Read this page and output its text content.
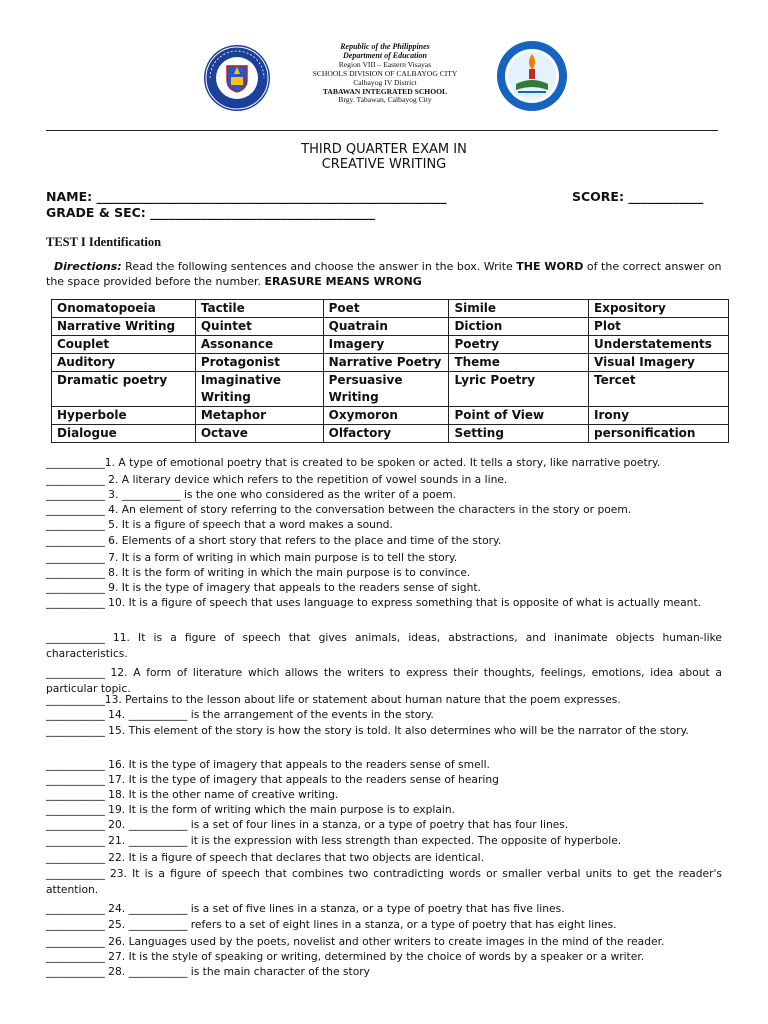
Republic of the Philippines
Department of Education
Region VIII – Eastern Visayas
SCHOOLS DIVISION OF CALBAYOG CITY
Calbayog IV District
TABAWAN INTEGRATED SCHOOL
Brgy. Tabawan, Calbayog City
THIRD QUARTER EXAM IN
CREATIVE WRITING
NAME: ________________________________________________________	SCORE: ____________
GRADE & SEC: ____________________________________
TEST I Identification
Directions: Read the following sentences and choose the answer in the box. Write THE WORD of the correct answer on the space provided before the number. ERASURE MEANS WRONG
Onomatopoeia	Tactile	Poet	Simile	Expository
Narrative Writing	Quintet	Quatrain	Diction	Plot
Couplet	Assonance	Imagery	Poetry	Understatements
Auditory	Protagonist	Narrative Poetry	Theme	Visual Imagery
Dramatic poetry	Imaginative Writing	Persuasive Writing	Lyric Poetry	Tercet
Hyperbole	Metaphor	Oxymoron	Point of View	Irony
Dialogue	Octave	Olfactory	Setting	personification
___________1. A type of emotional poetry that is created to be spoken or acted. It tells a story, like narrative poetry.
___________ 2. A literary device which refers to the repetition of vowel sounds in a line.
___________ 3. ___________ is the one who considered as the writer of a poem.
___________ 4. An element of story referring to the conversation between the characters in the story or poem.
___________ 5. It is a figure of speech that a word makes a sound.
___________ 6. Elements of a short story that refers to the place and time of the story.
___________ 7. It is a form of writing in which main purpose is to tell the story.
___________ 8. It is the form of writing in which the main purpose is to convince.
___________ 9. It is the type of imagery that appeals to the readers sense of sight.
___________ 10. It is a figure of speech that uses language to express something that is opposite of what is actually meant.
___________ 11. It is a figure of speech that gives animals, ideas, abstractions, and inanimate objects human-like characteristics.
___________ 12. A form of literature which allows the writers to express their thoughts, feelings, emotions, idea about a particular topic.
___________13. Pertains to the lesson about life or statement about human nature that the poem expresses.
___________ 14. ___________ is the arrangement of the events in the story.
___________ 15. This element of the story is how the story is told. It also determines who will be the narrator of the story.
___________ 16. It is the type of imagery that appeals to the readers sense of smell.
___________ 17. It is the type of imagery that appeals to the readers sense of hearing
___________ 18. It is the other name of creative writing.
___________ 19. It is the form of writing which the main purpose is to explain.
___________ 20. ___________ is a set of four lines in a stanza, or a type of poetry that has four lines.
___________ 21. ___________ it is the expression with less strength than expected. The opposite of hyperbole.
___________ 22. It is a figure of speech that declares that two objects are identical.
___________ 23. It is a figure of speech that combines two contradicting words or smaller verbal units to get the reader's attention.
___________ 24. ___________ is a set of five lines in a stanza, or a type of poetry that has five lines.
___________ 25. ___________ refers to a set of eight lines in a stanza, or a type of poetry that has eight lines.
___________ 26. Languages used by the poets, novelist and other writers to create images in the mind of the reader.
___________ 27. It is the style of speaking or writing, determined by the choice of words by a speaker or a writer.
___________ 28. ___________ is the main character of the story
